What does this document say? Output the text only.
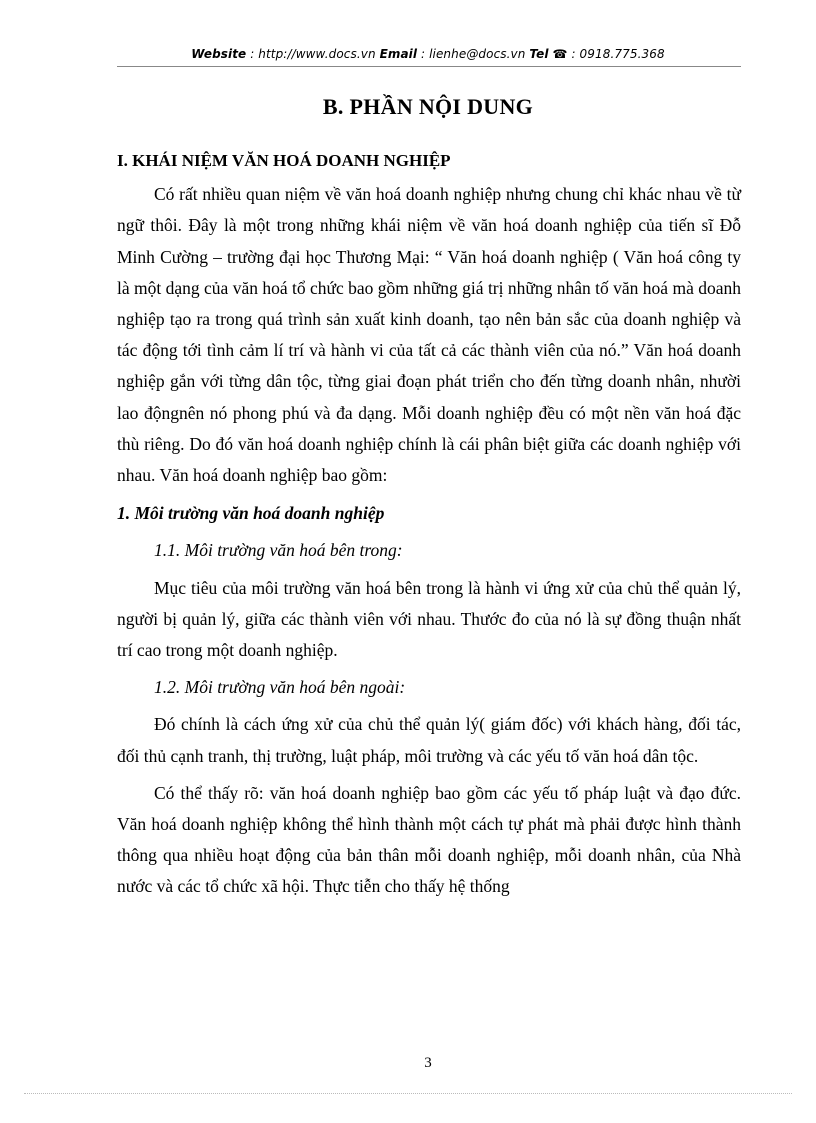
Website : http://www.docs.vn Email : lienhe@docs.vn Tel ☎ : 0918.775.368
B. PHẦN NỘI DUNG
I. KHÁI NIỆM VĂN HOÁ DOANH NGHIỆP

Có rất nhiều quan niệm về văn hoá doanh nghiệp nhưng chung chỉ khác nhau về từ ngữ thôi. Đây là một trong những khái niệm về văn hoá doanh nghiệp của tiến sĩ Đỗ Minh Cường – trường đại học Thương Mại: “ Văn hoá doanh nghiệp ( Văn hoá công ty là một dạng của văn hoá tổ chức bao gồm những giá trị những nhân tố văn hoá mà doanh nghiệp tạo ra trong quá trình sản xuất kinh doanh, tạo nên bản sắc của doanh nghiệp và tác động tới tình cảm lí trí và hành vi của tất cả các thành viên của nó.” Văn hoá doanh nghiệp gắn với từng dân tộc, từng giai đoạn phát triển cho đến từng doanh nhân, nhười lao độngnên nó phong phú và đa dạng. Mỗi doanh nghiệp đều có một nền văn hoá đặc thù riêng. Do đó văn hoá doanh nghiệp chính là cái phân biệt giữa các doanh nghiệp với nhau. Văn hoá doanh nghiệp bao gồm:

1. Môi trường văn hoá doanh nghiệp
1.1. Môi trường văn hoá bên trong:

Mục tiêu của môi trường văn hoá bên trong là hành vi ứng xử của chủ thể quản lý, người bị quản lý, giữa các thành viên với nhau. Thước đo của nó là sự đồng thuận nhất trí cao trong một doanh nghiệp.

1.2. Môi trường văn hoá bên ngoài:

Đó chính là cách ứng xử của chủ thể quản lý( giám đốc) với khách hàng, đối tác, đối thủ cạnh tranh, thị trường, luật pháp, môi trường và các yếu tố văn hoá dân tộc.

Có thể thấy rõ: văn hoá doanh nghiệp bao gồm các yếu tố pháp luật và đạo đức. Văn hoá doanh nghiệp không thể hình thành một cách tự phát mà phải được hình thành thông qua nhiều hoạt động của bản thân mỗi doanh nghiệp, mỗi doanh nhân, của Nhà nước và các tổ chức xã hội. Thực tiễn cho thấy hệ thống

3
